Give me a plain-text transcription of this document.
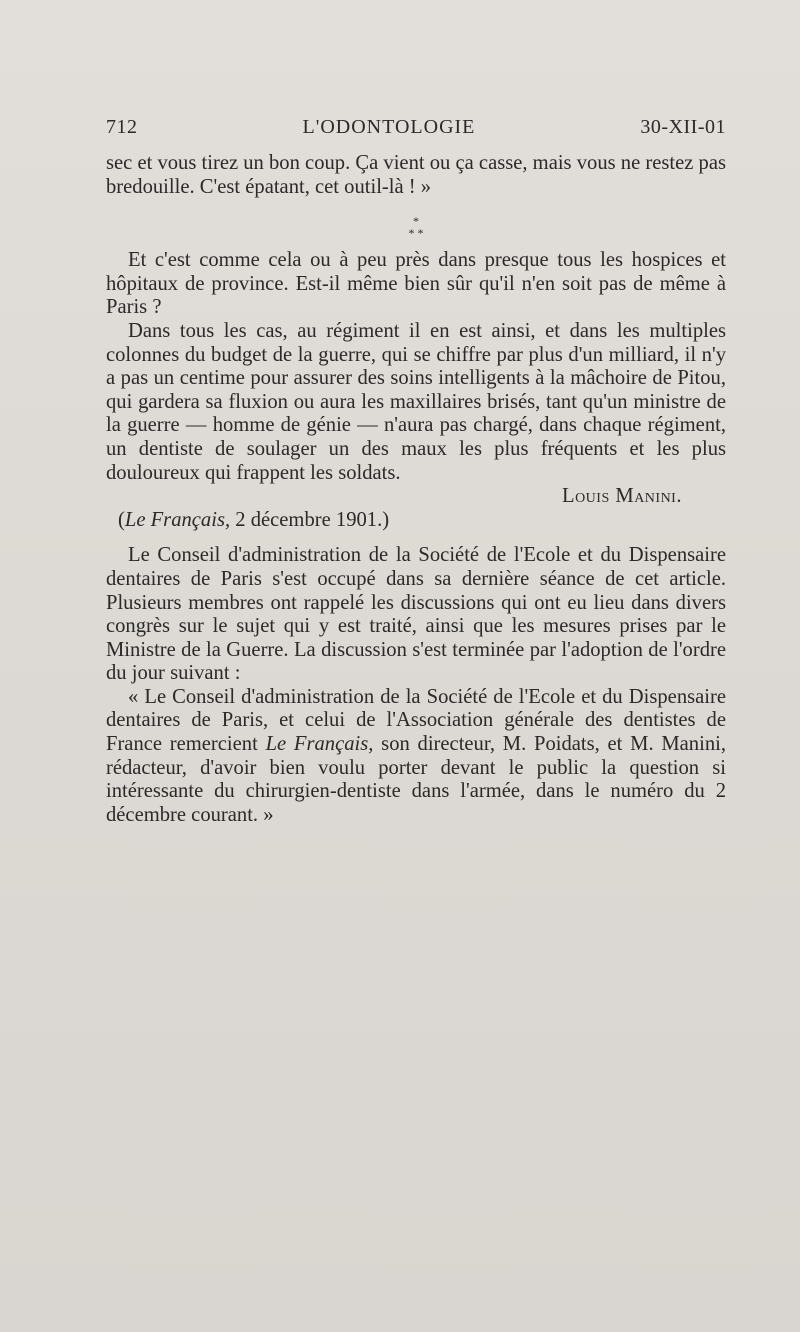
712	L'ODONTOLOGIE	30-XII-01

sec et vous tirez un bon coup. Ça vient ou ça casse, mais vous ne restez pas bredouille. C'est épatant, cet outil-là ! »

*
* *

Et c'est comme cela ou à peu près dans presque tous les hospices et hôpitaux de province. Est-il même bien sûr qu'il n'en soit pas de même à Paris ?

Dans tous les cas, au régiment il en est ainsi, et dans les multiples colonnes du budget de la guerre, qui se chiffre par plus d'un milliard, il n'y a pas un centime pour assurer des soins intelligents à la mâchoire de Pitou, qui gardera sa fluxion ou aura les maxillaires brisés, tant qu'un ministre de la guerre — homme de génie — n'aura pas chargé, dans chaque régiment, un dentiste de soulager un des maux les plus fréquents et les plus douloureux qui frappent les soldats.

Louis Manini.

(Le Français, 2 décembre 1901.)

Le Conseil d'administration de la Société de l'Ecole et du Dispensaire dentaires de Paris s'est occupé dans sa dernière séance de cet article. Plusieurs membres ont rappelé les discussions qui ont eu lieu dans divers congrès sur le sujet qui y est traité, ainsi que les mesures prises par le Ministre de la Guerre. La discussion s'est terminée par l'adoption de l'ordre du jour suivant :

« Le Conseil d'administration de la Société de l'Ecole et du Dispensaire dentaires de Paris, et celui de l'Association générale des dentistes de France remercient Le Français, son directeur, M. Poidats, et M. Manini, rédacteur, d'avoir bien voulu porter devant le public la question si intéressante du chirurgien-dentiste dans l'armée, dans le numéro du 2 décembre courant. »
